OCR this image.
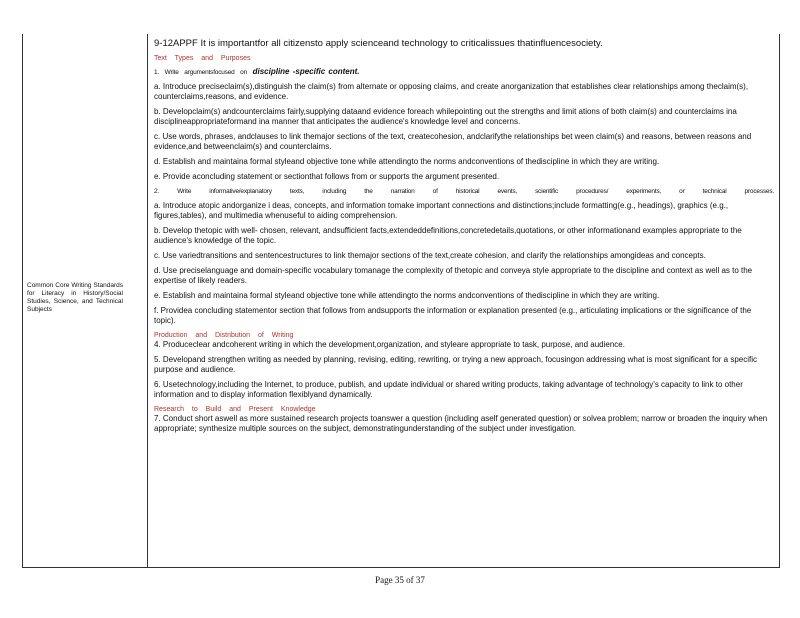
Common Core Writing Standards for Literacy in History/Social Studies, Science, and Technical Subjects
9-12APPF It is importantfor all citizensto apply scienceand technology to criticalissues thatinfluencesociety.
Text Types and Purposes
1. Write argumentsfocused on discipline -specific content.
a. Introduce preciseclaim(s),distinguish the claim(s) from alternate or opposing claims, and create anorganization that establishes clear relationships among theclaim(s), counterclaims,reasons, and evidence.
b. Developclaim(s) andcounterclaims fairly,supplying dataand evidence foreach whilepointing out the strengths and limit ations of both claim(s) and counterclaims ina disciplineappropriateformand ina manner that anticipates the audience's knowledge level and concerns.
c. Use words, phrases, andclauses to link themajor sections of the text, createcohesion, andclarifythe relationships bet ween claim(s) and reasons, between reasons and evidence,and betweenclaim(s) and counterclaims.
d. Establish and maintaina formal styleand objective tone while attendingto the norms andconventions of thediscipline in which they are writing.
e. Provide aconcluding statement or sectionthat follows from or supports the argument presented.
2. Write informative/explanatory texts, including the narration of historical events, scientific procedures/ experiments, or technical processes.
a. Introduce atopic andorganize i deas, concepts, and information tomake important connections and distinctions;include formatting(e.g., headings), graphics (e.g., figures,tables), and multimedia whenuseful to aiding comprehension.
b. Develop thetopic with well- chosen, relevant, andsufficient facts,extendeddefinitions,concretedetails,quotations, or other informationand examples appropriate to the audience's knowledge of the topic.
c. Use variedtransitions and sentencestructures to link themajor sections of the text,create cohesion, and clarify the relationships amongideas and concepts.
d. Use preciselanguage and domain-specific vocabulary tomanage the complexity of thetopic and conveya style appropriate to the discipline and context as well as to the expertise of likely readers.
e. Establish and maintaina formal styleand objective tone while attendingto the norms andconventions of thediscipline in which they are writing.
f. Providea concluding statementor section that follows from andsupports the information or explanation presented (e.g., articulating implications or the significance of the topic).
Production and Distribution of Writing
4. Produceclear andcoherent writing in which the development,organization, and styleare appropriate to task, purpose, and audience.
5. Developand strengthen writing as needed by planning, revising, editing, rewriting, or trying a new approach, focusingon addressing what is most significant for a specific purpose and audience.
6. Usetechnology,including the Internet, to produce, publish, and update individual or shared writing products, taking advantage of technology's capacity to link to other information and to display information flexiblyand dynamically.
Research to Build and Present Knowledge
7. Conduct short aswell as more sustained research projects toanswer a question (including aself generated question) or solvea problem; narrow or broaden the inquiry when appropriate; synthesize multiple sources on the subject, demonstratingunderstanding of the subject under investigation.
Page 35 of 37
